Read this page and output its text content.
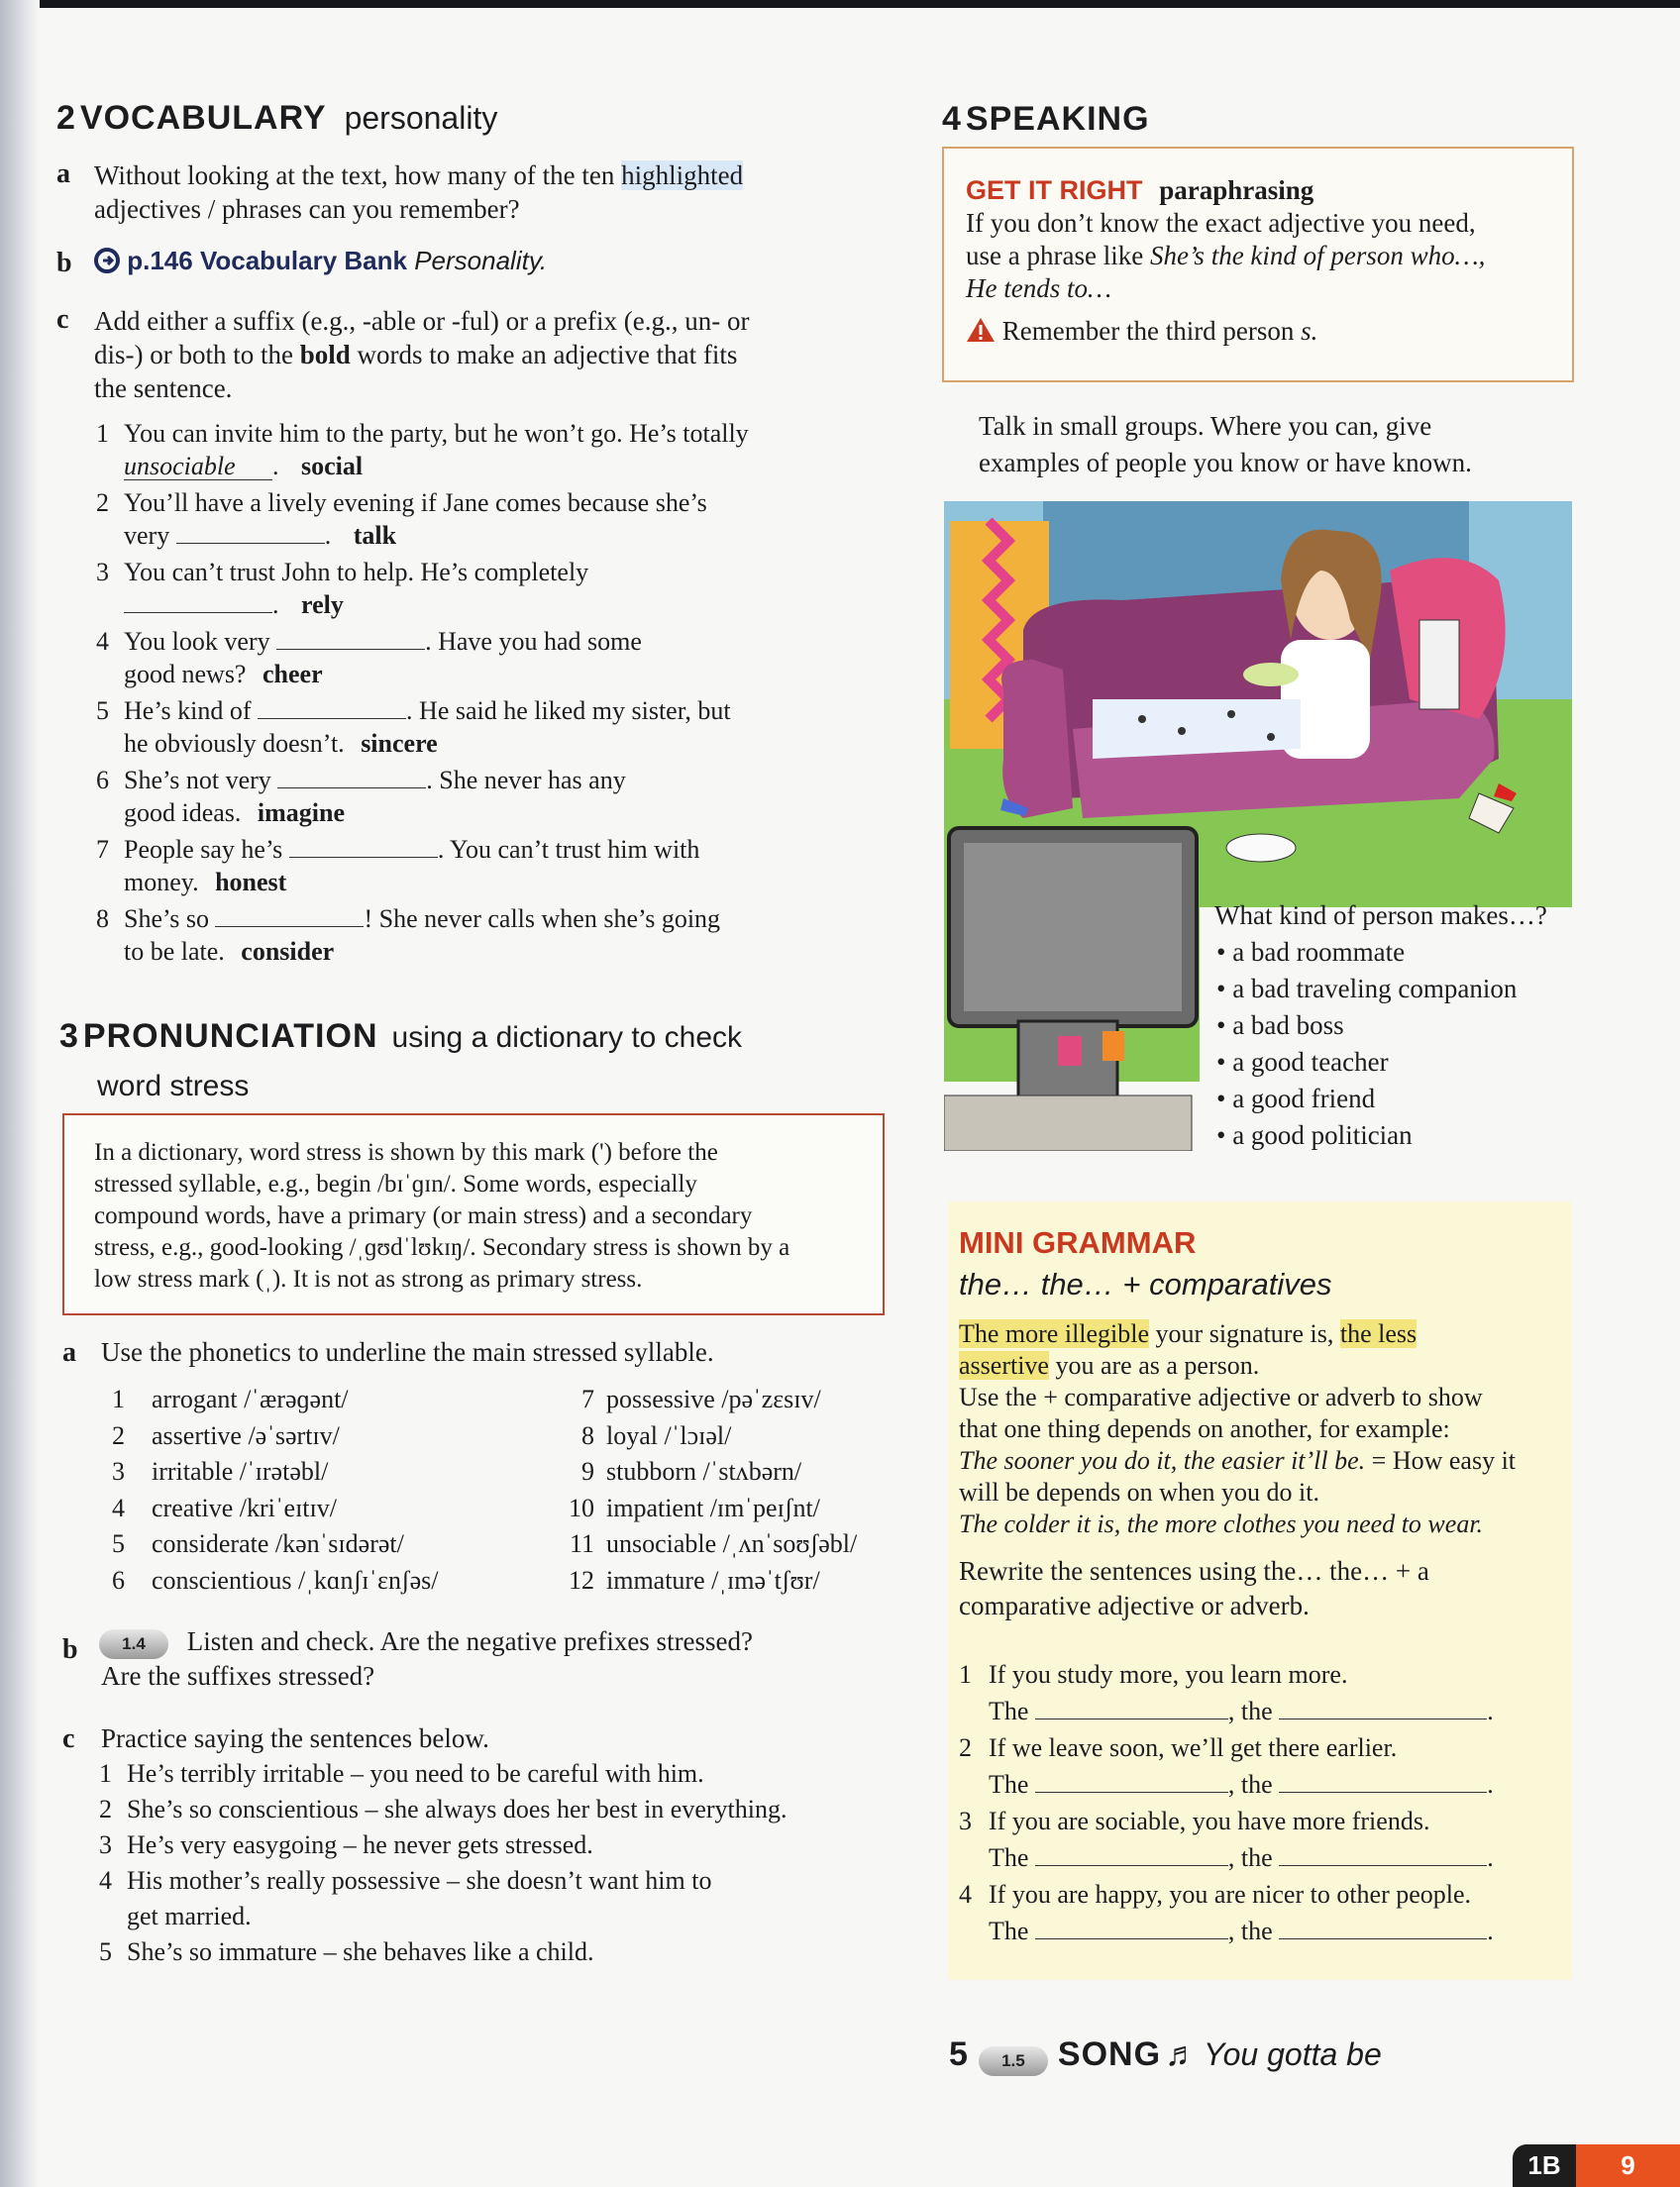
2 VOCABULARY personality
a Without looking at the text, how many of the ten highlighted
adjectives / phrases can you remember?
b	p.146 Vocabulary Bank Personality.
c Add either a suffix (e.g., -able or -ful) or a prefix (e.g., un- or
dis-) or both to the bold words to make an adjective that fits
the sentence.
1 You can invite him to the party, but he won’t go. He’s totally
unsociable . social
2 You’ll have a lively evening if Jane comes because she’s
very	. talk
3 You can’t trust John to help. He’s completely
. rely
4 You look very	. Have you had some
good news? cheer
5 He’s kind of	. He said he liked my sister, but
he obviously doesn’t. sincere
6 She’s not very	. She never has any
good ideas. imagine
7 People say he’s	. You can’t trust him with
money. honest
8 She’s so	! She never calls when she’s going
to be late. consider
3 PRONUNCIATION using a dictionary to check
word stress
In a dictionary, word stress is shown by this mark (') before the
stressed syllable, e.g., begin /bɪˈɡɪn/. Some words, especially
compound words, have a primary (or main stress) and a secondary
stress, e.g., good-looking /ˌɡʊdˈlʊkɪŋ/. Secondary stress is shown by a
low stress mark (ˌ). It is not as strong as primary stress.
a Use the phonetics to underline the main stressed syllable.
1 arrogant /ˈærəɡənt/
2 assertive /əˈsərtɪv/
3 irritable /ˈɪrətəbl/
4 creative /kriˈeɪtɪv/
5 considerate /kənˈsɪdərət/
6 conscientious /ˌkɑnʃɪˈɛnʃəs/
7 possessive /pəˈzɛsɪv/
8 loyal /ˈlɔɪəl/
9 stubborn /ˈstʌbərn/
10 impatient /ɪmˈpeɪʃnt/
11 unsociable /ˌʌnˈsoʊʃəbl/
12 immature /ˌɪməˈtʃʊr/
b	1.4 Listen and check. Are the negative prefixes stressed?
Are the suffixes stressed?
c Practice saying the sentences below.
1 He’s terribly irritable – you need to be careful with him.
2 She’s so conscientious – she always does her best in everything.
3 He’s very easygoing – he never gets stressed.
4 His mother’s really possessive – she doesn’t want him to
get married.
5 She’s so immature – she behaves like a child.
4 SPEAKING
GET IT RIGHT paraphrasing
If you don’t know the exact adjective you need,
use a phrase like She’s the kind of person who…,
He tends to…
Remember the third person s.
Talk in small groups. Where you can, give
examples of people you know or have known.
What kind of person makes…?
• a bad roommate
• a bad traveling companion
• a bad boss
• a good teacher
• a good friend
• a good politician
MINI GRAMMAR
the… the… + comparatives
The more illegible your signature is, the less
assertive you are as a person.
Use the + comparative adjective or adverb to show
that one thing depends on another, for example:
The sooner you do it, the easier it’ll be. = How easy it
will be depends on when you do it.
The colder it is, the more clothes you need to wear.
Rewrite the sentences using the… the… + a
comparative adjective or adverb.
1 If you study more, you learn more.
The	, the	.
2 If we leave soon, we’ll get there earlier.
The	, the	.
3 If you are sociable, you have more friends.
The	, the	.
4 If you are happy, you are nicer to other people.
The	, the	.
5 1.5 SONG ♬ You gotta be
1B	9
